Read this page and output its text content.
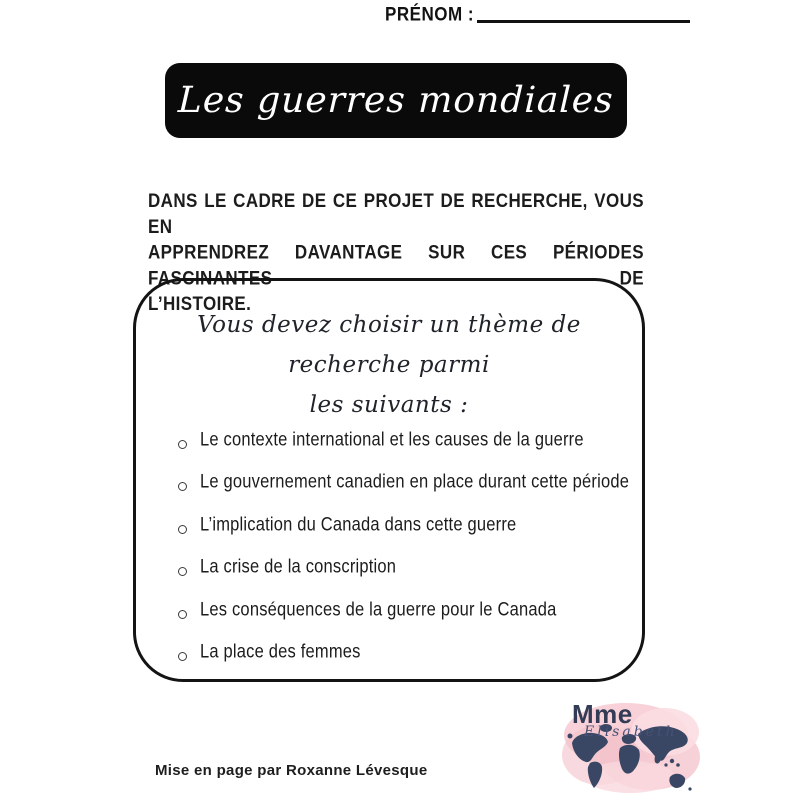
PRÉNOM :
Les guerres mondiales
DANS LE CADRE DE CE PROJET DE RECHERCHE, VOUS EN
APPRENDREZ DAVANTAGE SUR CES PÉRIODES FASCINANTES DE
L’HISTOIRE.
Vous devez choisir un thème de recherche parmi
les suivants :
Le contexte international et les causes de la guerre
Le gouvernement canadien en place durant cette période
L’implication du Canada dans cette guerre
La crise de la conscription
Les conséquences de la guerre pour le Canada
La place des femmes
Mise en page par Roxanne Lévesque
Mme
Elisabeth
